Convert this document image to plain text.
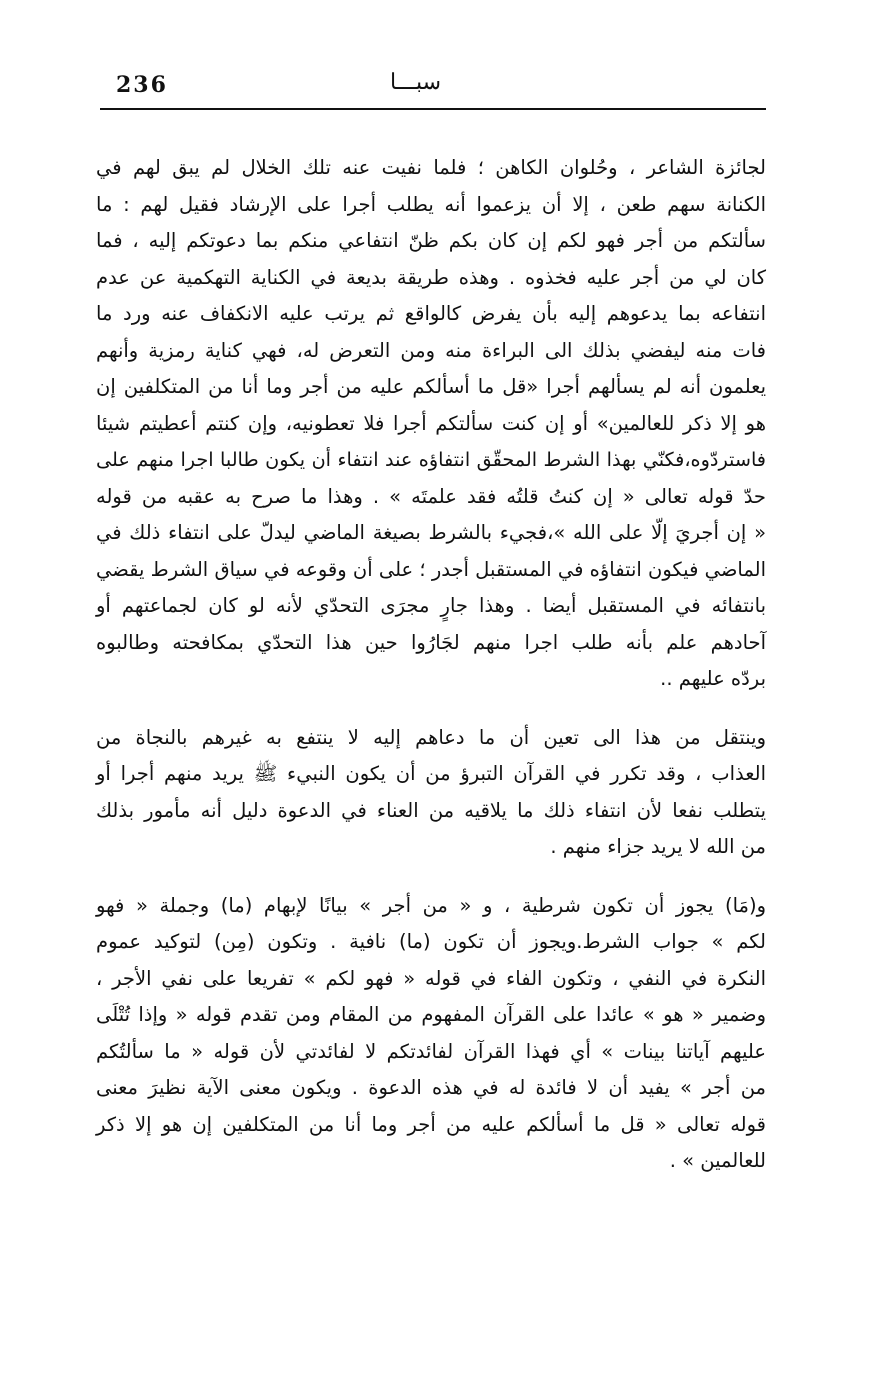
236	سبـــا
لجائزة الشاعر ، وحُلوان الكاهن ؛ فلما نفيت عنه تلك الخلال لم يبق لهم في
الكنانة سهم طعن ، إلا أن يزعموا أنه يطلب أجرا على الإرشاد فقيل لهم : ما
سألتكم من أجر فهو لكم إن كان بكم ظنّ انتفاعي منكم بما دعوتكم إليه ، فما
كان لي من أجر عليه فخذوه . وهذه طريقة بديعة في الكناية التهكمية عن عدم
انتفاعه بما يدعوهم إليه بأن يفرض كالواقع ثم يرتب عليه الانكفاف عنه ورد ما
فات منه ليفضي بذلك الى البراءة منه ومن التعرض له، فهي كناية رمزية وأنهم
يعلمون أنه لم يسألهم أجرا «قل ما أسألكم عليه من أجر وما أنا من المتكلفين إن
هو إلا ذكر للعالمين» أو إن كنت سألتكم أجرا فلا تعطونيه، وإن كنتم أعطيتم شيئا
فاستردّوه،فكنّي بهذا الشرط المحقّق انتفاؤه عند انتفاء أن يكون طالبا اجرا منهم على
حدّ قوله تعالى « إن كنتُ قلتُه فقد علمتَه » . وهذا ما صرح به عقبه من قوله
« إن أجريَ إلّا على الله »،فجيء بالشرط بصيغة الماضي ليدلّ على انتفاء ذلك في
الماضي فيكون انتفاؤه في المستقبل أجدر ؛ على أن وقوعه في سياق الشرط يقضي
بانتفائه في المستقبل أيضا . وهذا جارٍ مجرَى التحدّي لأنه لو كان لجماعتهم أو
آحادهم علم بأنه طلب اجرا منهم لجَارُوا حين هذا التحدّي بمكافحته وطالبوه
بردّه عليهم ..
وينتقل من هذا الى تعين أن ما دعاهم إليه لا ينتفع به غيرهم بالنجاة من
العذاب ، وقد تكرر في القرآن التبرؤ من أن يكون النبيء ﷺ يريد منهم أجرا أو
يتطلب نفعا لأن انتفاء ذلك ما يلاقيه من العناء في الدعوة دليل أنه مأمور بذلك
من الله لا يريد جزاء منهم .
و(مَا) يجوز أن تكون شرطية ، و « من أجر » بيانًا لإبهام (ما) وجملة « فهو
لكم » جواب الشرط.ويجوز أن تكون (ما) نافية . وتكون (مِن) لتوكيد عموم
النكرة في النفي ، وتكون الفاء في قوله « فهو لكم » تفريعا على نفي الأجر ،
وضمير « هو » عائدا على القرآن المفهوم من المقام ومن تقدم قوله « وإذا تُتْلَى
عليهم آياتنا بينات » أي فهذا القرآن لفائدتكم لا لفائدتي لأن قوله « ما سألتُكم
من أجر » يفيد أن لا فائدة له في هذه الدعوة . ويكون معنى الآية نظيرَ معنى
قوله تعالى « قل ما أسألكم عليه من أجر وما أنا من المتكلفين إن هو إلا ذكر
للعالمين » .
